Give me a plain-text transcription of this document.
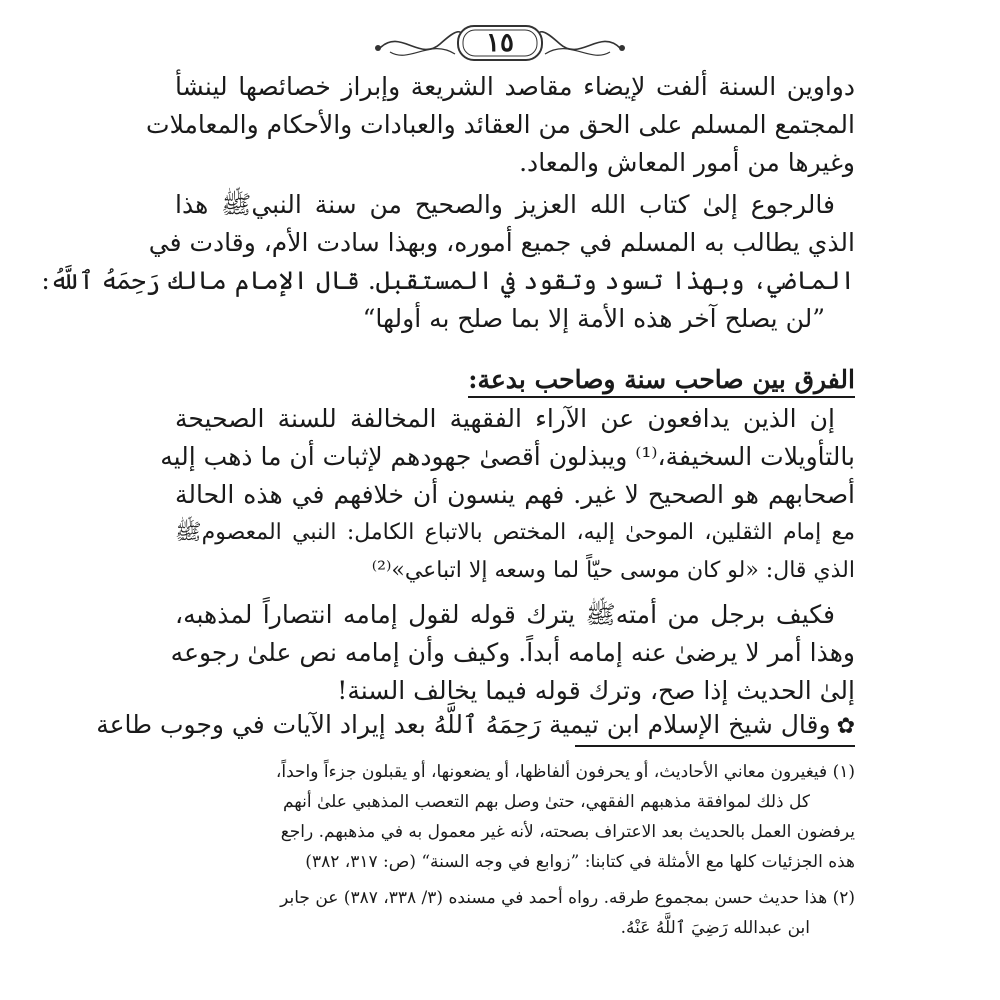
١٥
دواوين السنة ألفت لإيضاء مقاصد الشريعة وإبراز خصائصها لينشأ
المجتمع المسلم على الحق من العقائد والعبادات والأحكام والمعاملات
وغيرها من أمور المعاش والمعاد.
فالرجوع إلىٰ كتاب الله العزيز والصحيح من سنة النبيﷺ هذا
الذي يطالب به المسلم في جميع أموره، وبهذا سادت الأم، وقادت في
الماضي، وبهذا تسود وتقود في المستقبل. قال الإمام مالك رَحِمَهُ ٱللَّهُ:
”لن يصلح آخر هذه الأمة إلا بما صلح به أولها“
الفرق بين صاحب سنة وصاحب بدعة:
إن الذين يدافعون عن الآراء الفقهية المخالفة للسنة الصحيحة
بالتأويلات السخيفة،⁽¹⁾ ويبذلون أقصىٰ جهودهم لإثبات أن ما ذهب إليه
أصحابهم هو الصحيح لا غير. فهم ينسون أن خلافهم في هذه الحالة
مع إمام الثقلين، الموحىٰ إليه، المختص بالاتباع الكامل: النبي المعصومﷺ
الذي قال: «لو كان موسى حيّاً لما وسعه إلا اتباعي»⁽²⁾
فكيف برجل من أمتهﷺ يترك قوله لقول إمامه انتصاراً لمذهبه،
وهذا أمر لا يرضىٰ عنه إمامه أبداً. وكيف وأن إمامه نص علىٰ رجوعه
إلىٰ الحديث إذا صح، وترك قوله فيما يخالف السنة!
✿وقال شيخ الإسلام ابن تيمية رَحِمَهُ ٱللَّهُ بعد إيراد الآيات في وجوب طاعة
(١) فيغيرون معاني الأحاديث، أو يحرفون ألفاظها، أو يضعونها، أو يقبلون جزءاً واحداً،
كل ذلك لموافقة مذهبهم الفقهي، حتىٰ وصل بهم التعصب المذهبي علىٰ أنهم
يرفضون العمل بالحديث بعد الاعتراف بصحته، لأنه غير معمول به في مذهبهم. راجع
هذه الجزئيات كلها مع الأمثلة في كتابنا: ”زوابع في وجه السنة“ (ص: ٣١٧، ٣٨٢)
(٢) هذا حديث حسن بمجموع طرقه. رواه أحمد في مسنده (٣/ ٣٣٨، ٣٨٧) عن جابر
ابن عبدالله رَضِيَ ٱللَّهُ عَنْهُ.
